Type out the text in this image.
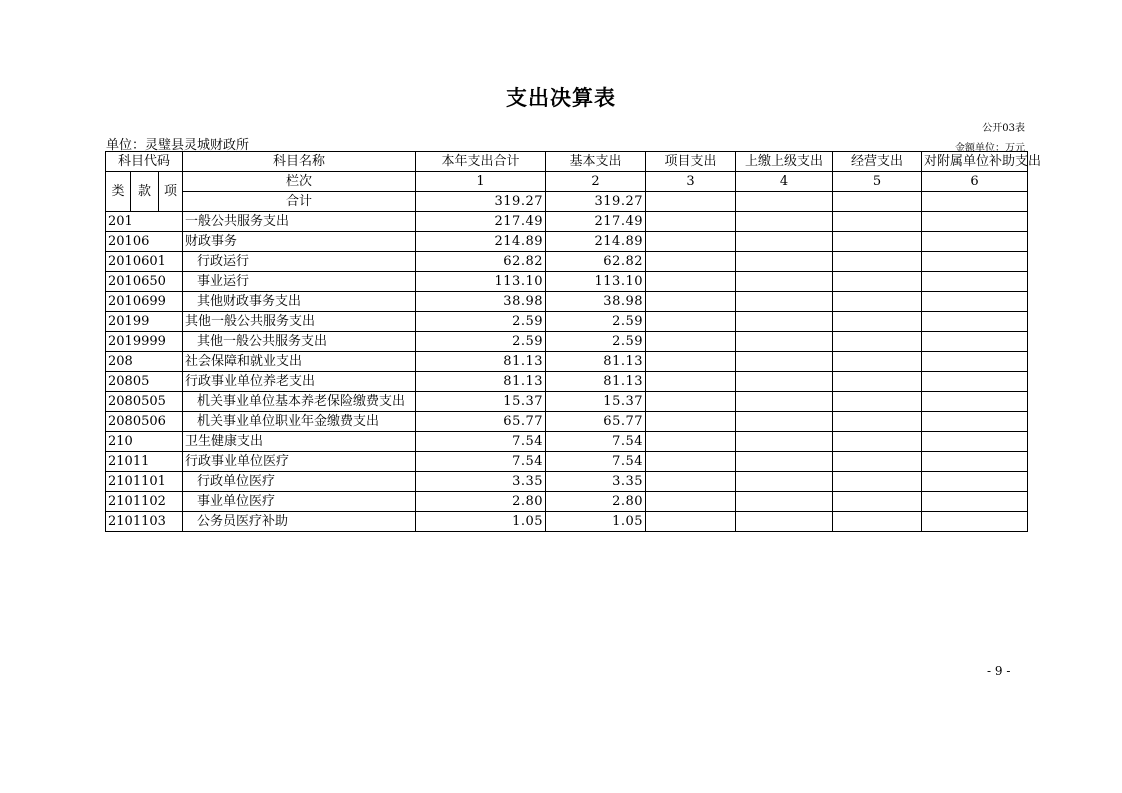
支出决算表
公开03表
单位：灵璧县灵城财政所	金额单位：万元
科目代码			科目名称	本年支出合计	基本支出	项目支出	上缴上级支出	经营支出	对附属单位补助支出
类	款	项	栏次	1	2	3	4	5	6
			合计	319.27	319.27				
201			一般公共服务支出	217.49	217.49				
20106			财政事务	214.89	214.89				
2010601			行政运行	62.82	62.82				
2010650			事业运行	113.10	113.10				
2010699			其他财政事务支出	38.98	38.98				
20199			其他一般公共服务支出	2.59	2.59				
2019999			其他一般公共服务支出	2.59	2.59				
208			社会保障和就业支出	81.13	81.13				
20805			行政事业单位养老支出	81.13	81.13				
2080505			机关事业单位基本养老保险缴费支出	15.37	15.37				
2080506			机关事业单位职业年金缴费支出	65.77	65.77				
210			卫生健康支出	7.54	7.54				
21011			行政事业单位医疗	7.54	7.54				
2101101			行政单位医疗	3.35	3.35				
2101102			事业单位医疗	2.80	2.80				
2101103			公务员医疗补助	1.05	1.05				
- 9 -
